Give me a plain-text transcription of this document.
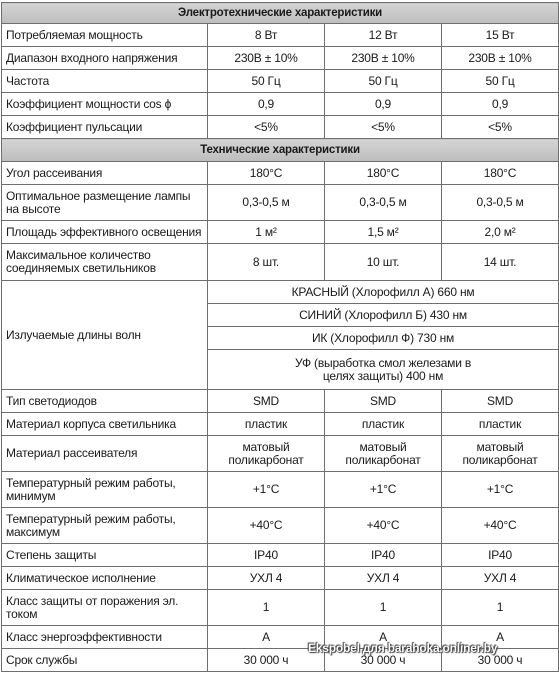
Электротехнические характеристики			
Потребляемая мощность	8 Вт	12 Вт	15 Вт
Диапазон входного напряжения	230В ± 10%	230В ± 10%	230В ± 10%
Частота	50 Гц	50 Гц	50 Гц
Коэффициент мощности cos ϕ	0,9	0,9	0,9
Коэффициент пульсации	<5%	<5%	<5%
Технические характеристики			
Угол рассеивания	180°С	180°С	180°С
Оптимальное размещение лампы на высоте	0,3-0,5 м	0,3-0,5 м	0,3-0,5 м
Площадь эффективного освещения	1 м²	1,5 м²	2,0 м²
Максимальное количество соединяемых светильников	8 шт.	10 шт.	14 шт.
Излучаемые длины волн	КРАСНЫЙ (Хлорофилл А) 660 нм		
	СИНИЙ (Хлорофилл Б) 430 нм		
	ИК (Хлорофилл Ф) 730 нм		
	УФ (выработка смол железами в целях защиты) 400 нм		
Тип светодиодов	SMD	SMD	SMD
Материал корпуса светильника	пластик	пластик	пластик
Материал рассеивателя	матовый поликарбонат	матовый поликарбонат	матовый поликарбонат
Температурный режим работы, минимум	+1°С	+1°С	+1°С
Температурный режим работы, максимум	+40°С	+40°С	+40°С
Степень защиты	IP40	IP40	IP40
Климатическое исполнение	УХЛ 4	УХЛ 4	УХЛ 4
Класс защиты от поражения эл. током	1	1	1
Класс энергоэффективности	А	А	А
Срок службы	30 000 ч	30 000 ч	30 000 ч
Ekspobel для barahoka.onliner.by
